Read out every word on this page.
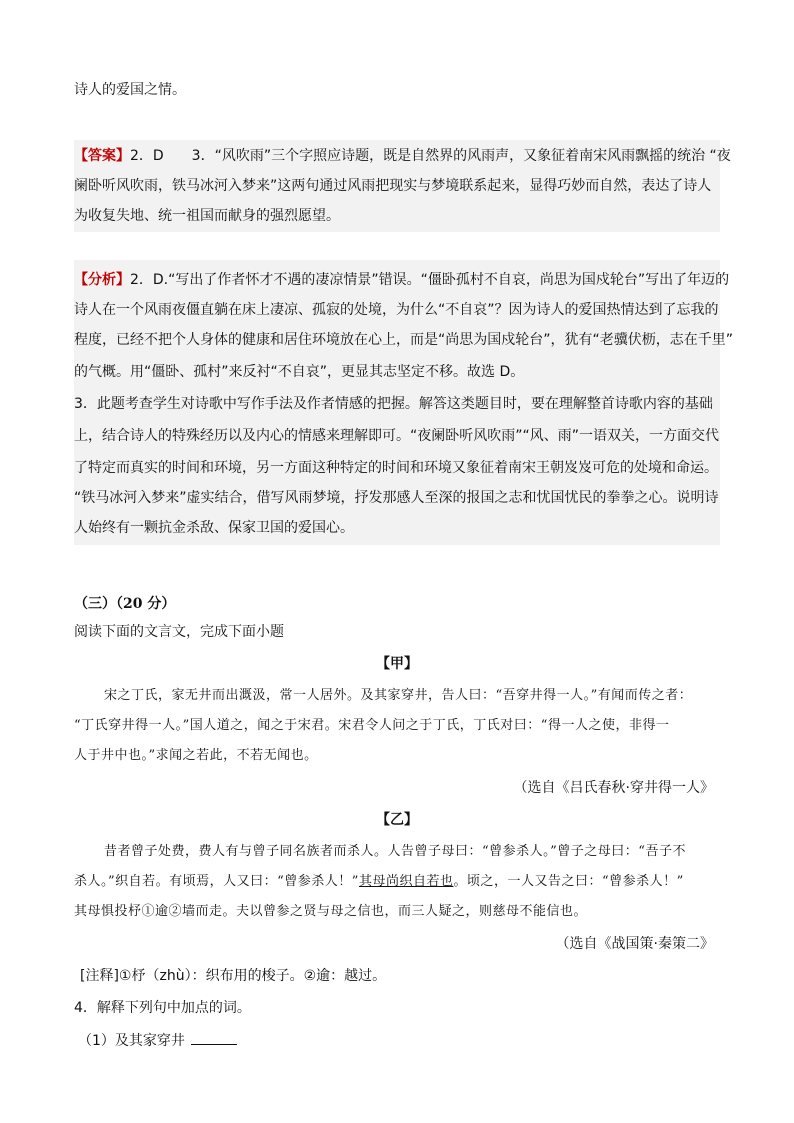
诗人的爱国之情。
【答案】2．D　　3．“风吹雨”三个字照应诗题，既是自然界的风雨声，又象征着南宋风雨飘摇的统治 “夜
阑卧听风吹雨，铁马冰河入梦来”这两句通过风雨把现实与梦境联系起来，显得巧妙而自然，表达了诗人
为收复失地、统一祖国而献身的强烈愿望。
【分析】2．D.“写出了作者怀才不遇的凄凉情景”错误。“僵卧孤村不自哀，尚思为国戍轮台”写出了年迈的
诗人在一个风雨夜僵直躺在床上凄凉、孤寂的处境，为什么“不自哀”？因为诗人的爱国热情达到了忘我的
程度，已经不把个人身体的健康和居住环境放在心上，而是“尚思为国戍轮台”，犹有“老骥伏枥，志在千里”
的气概。用“僵卧、孤村”来反衬“不自哀”，更显其志坚定不移。故选 D。
3．此题考查学生对诗歌中写作手法及作者情感的把握。解答这类题目时，要在理解整首诗歌内容的基础
上，结合诗人的特殊经历以及内心的情感来理解即可。“夜阑卧听风吹雨”“风、雨”一语双关，一方面交代
了特定而真实的时间和环境，另一方面这种特定的时间和环境又象征着南宋王朝岌岌可危的处境和命运。
“铁马冰河入梦来”虚实结合，借写风雨梦境，抒发那感人至深的报国之志和忧国忧民的拳拳之心。说明诗
人始终有一颗抗金杀敌、保家卫国的爱国心。
（三）（20 分）
阅读下面的文言文，完成下面小题
【甲】
宋之丁氏，家无井而出溉汲，常一人居外。及其家穿井，告人曰：“吾穿井得一人。”有闻而传之者：
“丁氏穿井得一人。”国人道之，闻之于宋君。宋君令人问之于丁氏，丁氏对曰：“得一人之使，非得一
人于井中也。”求闻之若此，不若无闻也。
（选自《吕氏春秋·穿井得一人》
【乙】
昔者曾子处费，费人有与曾子同名族者而杀人。人告曾子母曰：“曾参杀人。”曾子之母曰：“吾子不
杀人。”织自若。有顷焉，人又曰：“曾参杀人！”其母尚织自若也。顷之，一人又告之曰：“曾参杀人！”
其母惧投杼①逾②墙而走。夫以曾参之贤与母之信也，而三人疑之，则慈母不能信也。
（选自《战国策·秦策二》
[注释]①杼（zhù）：织布用的梭子。②逾：越过。
4．解释下列句中加点的词。
（1）及其家穿井
